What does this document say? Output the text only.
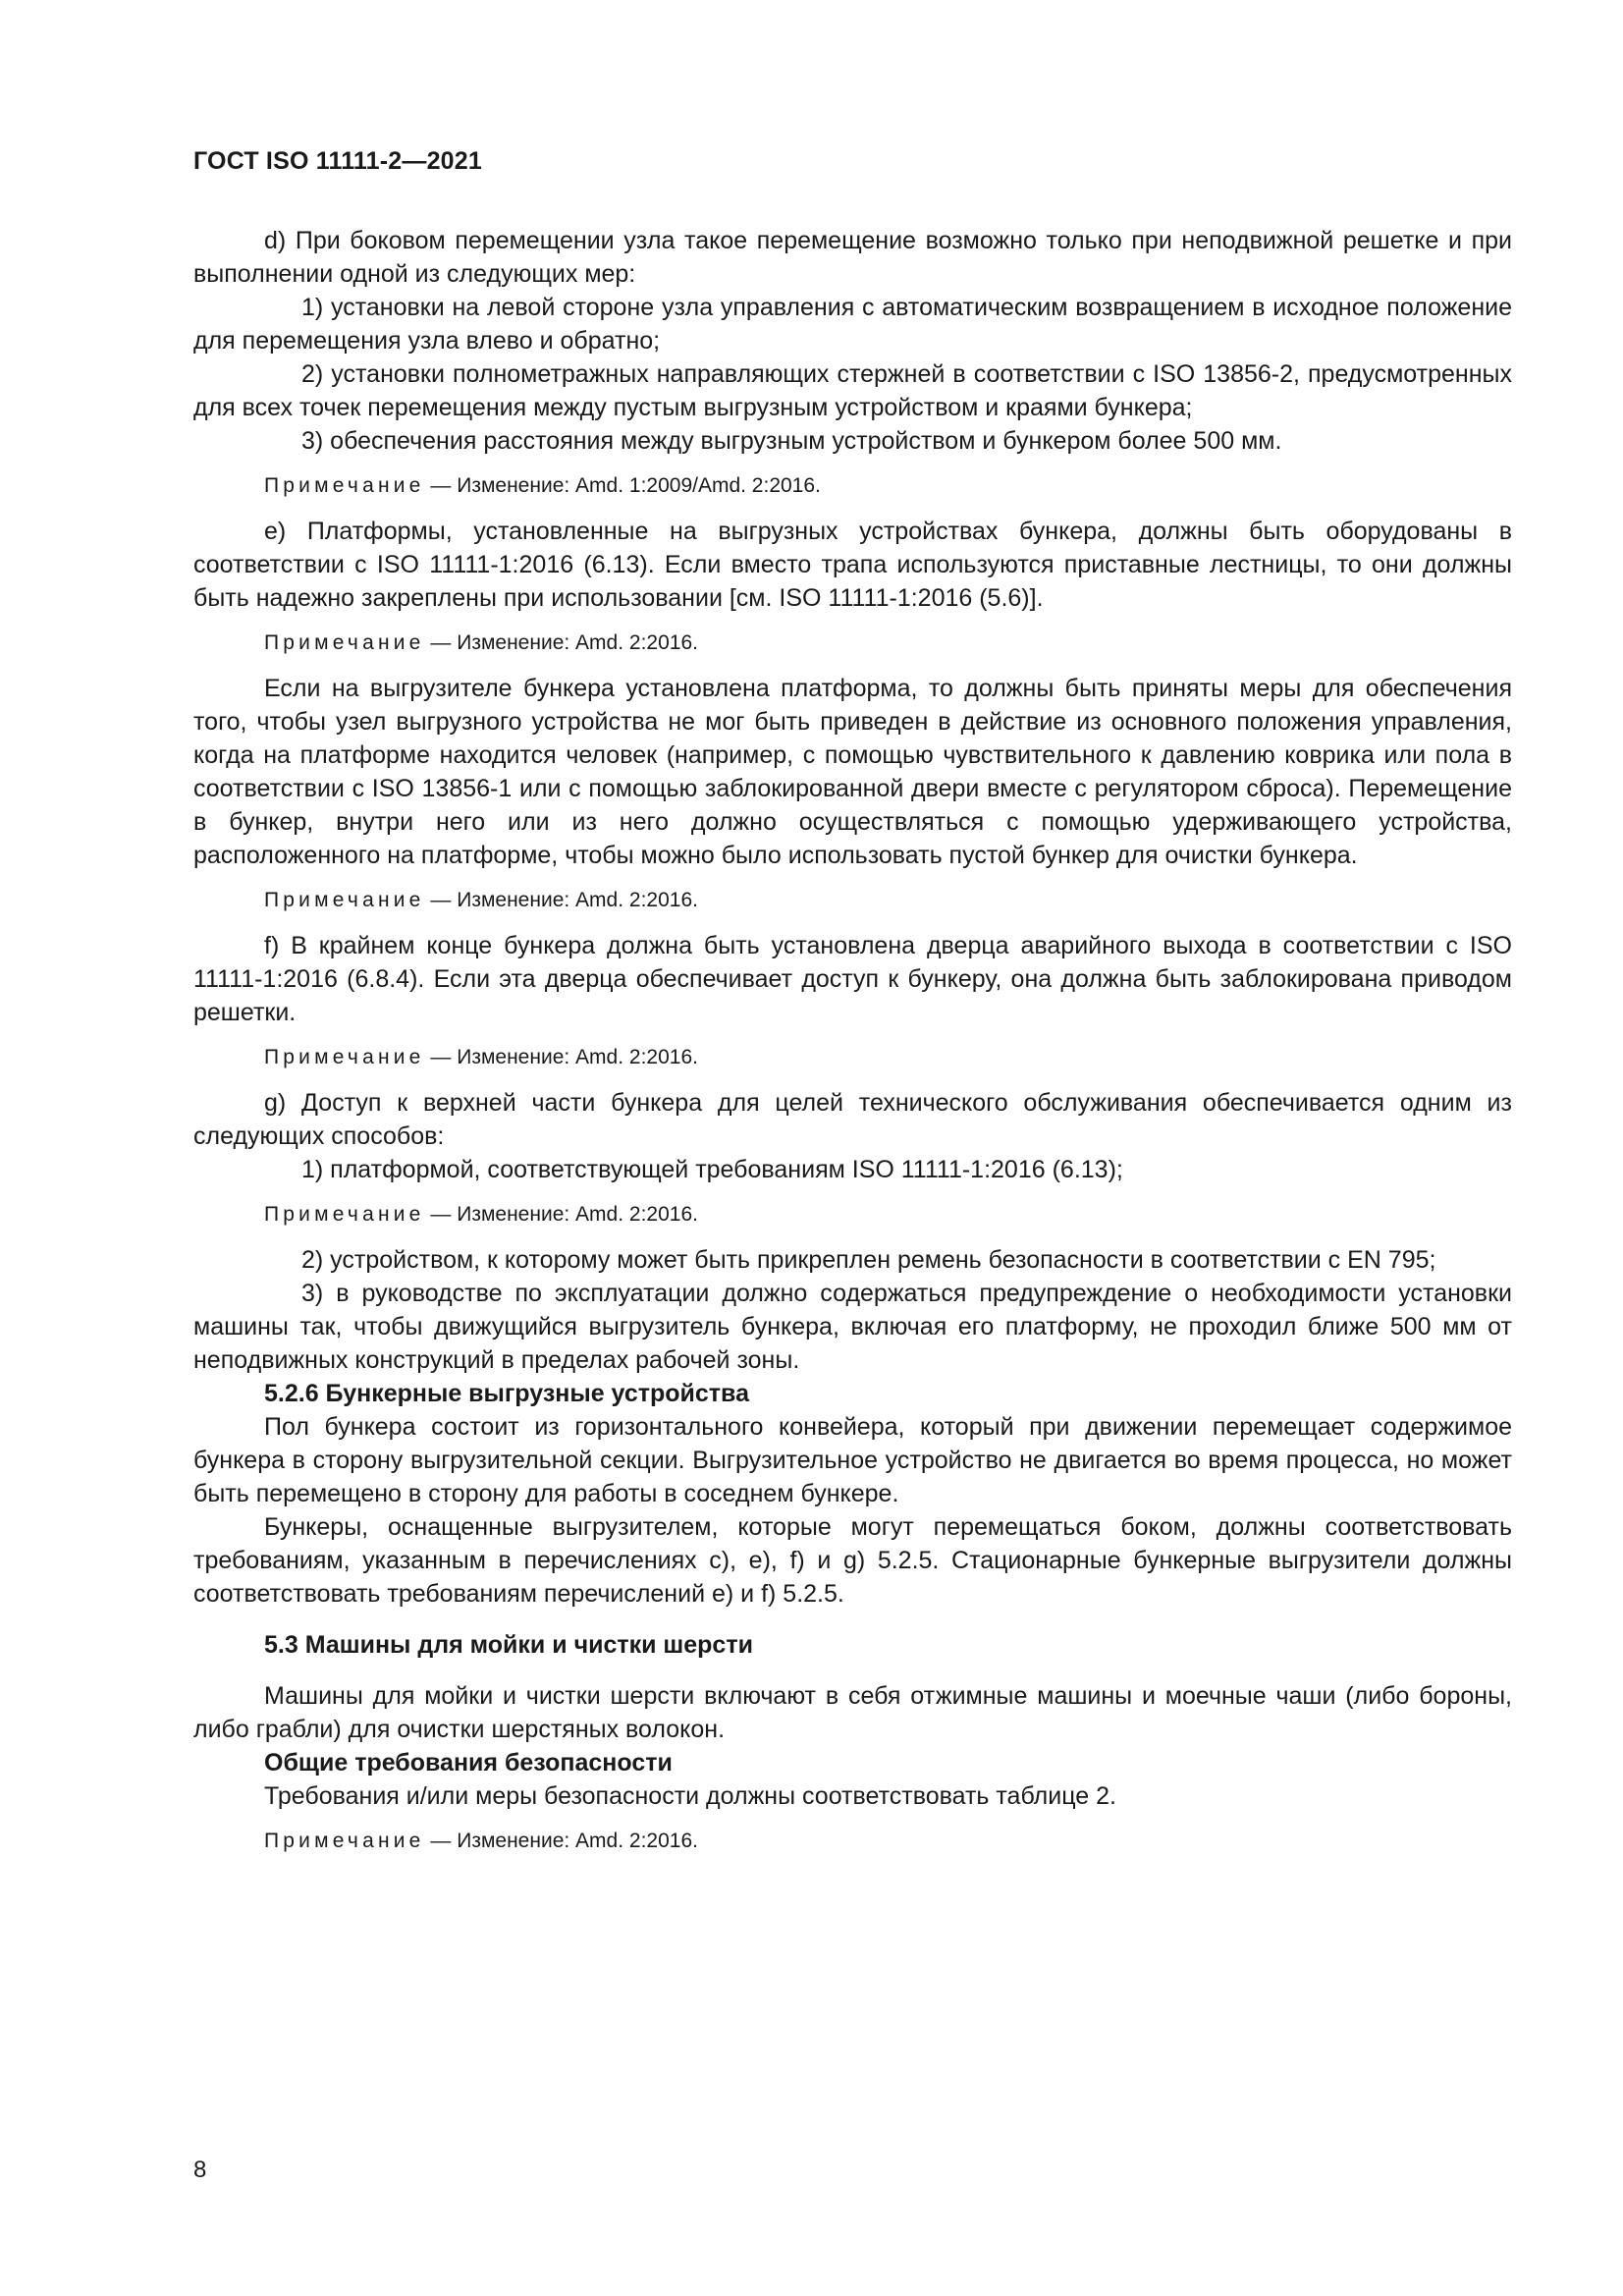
ГОСТ ISO 11111-2—2021

d) При боковом перемещении узла такое перемещение возможно только при неподвижной решетке и при выполнении одной из следующих мер:

1) установки на левой стороне узла управления с автоматическим возвращением в исходное положение для перемещения узла влево и обратно;

2) установки полнометражных направляющих стержней в соответствии с ISO 13856-2, предусмотренных для всех точек перемещения между пустым выгрузным устройством и краями бункера;

3) обеспечения расстояния между выгрузным устройством и бункером более 500 мм.

Примечание — Изменение: Amd. 1:2009/Amd. 2:2016.

e) Платформы, установленные на выгрузных устройствах бункера, должны быть оборудованы в соответствии с ISO 11111-1:2016 (6.13). Если вместо трапа используются приставные лестницы, то они должны быть надежно закреплены при использовании [см. ISO 11111-1:2016 (5.6)].

Примечание — Изменение: Amd. 2:2016.

Если на выгрузителе бункера установлена платформа, то должны быть приняты меры для обеспечения того, чтобы узел выгрузного устройства не мог быть приведен в действие из основного положения управления, когда на платформе находится человек (например, с помощью чувствительного к давлению коврика или пола в соответствии с ISO 13856-1 или с помощью заблокированной двери вместе с регулятором сброса). Перемещение в бункер, внутри него или из него должно осуществляться с помощью удерживающего устройства, расположенного на платформе, чтобы можно было использовать пустой бункер для очистки бункера.

Примечание — Изменение: Amd. 2:2016.

f) В крайнем конце бункера должна быть установлена дверца аварийного выхода в соответствии с ISO 11111-1:2016 (6.8.4). Если эта дверца обеспечивает доступ к бункеру, она должна быть заблокирована приводом решетки.

Примечание — Изменение: Amd. 2:2016.

g) Доступ к верхней части бункера для целей технического обслуживания обеспечивается одним из следующих способов:

1) платформой, соответствующей требованиям ISO 11111-1:2016 (6.13);

Примечание — Изменение: Amd. 2:2016.

2) устройством, к которому может быть прикреплен ремень безопасности в соответствии с EN 795;

3) в руководстве по эксплуатации должно содержаться предупреждение о необходимости установки машины так, чтобы движущийся выгрузитель бункера, включая его платформу, не проходил ближе 500 мм от неподвижных конструкций в пределах рабочей зоны.

5.2.6 Бункерные выгрузные устройства

Пол бункера состоит из горизонтального конвейера, который при движении перемещает содержимое бункера в сторону выгрузительной секции. Выгрузительное устройство не двигается во время процесса, но может быть перемещено в сторону для работы в соседнем бункере.

Бункеры, оснащенные выгрузителем, которые могут перемещаться боком, должны соответствовать требованиям, указанным в перечислениях с), е), f) и g) 5.2.5. Стационарные бункерные выгрузители должны соответствовать требованиям перечислений е) и f) 5.2.5.

5.3 Машины для мойки и чистки шерсти

Машины для мойки и чистки шерсти включают в себя отжимные машины и моечные чаши (либо бороны, либо грабли) для очистки шерстяных волокон.

Общие требования безопасности

Требования и/или меры безопасности должны соответствовать таблице 2.

Примечание — Изменение: Amd. 2:2016.

8
